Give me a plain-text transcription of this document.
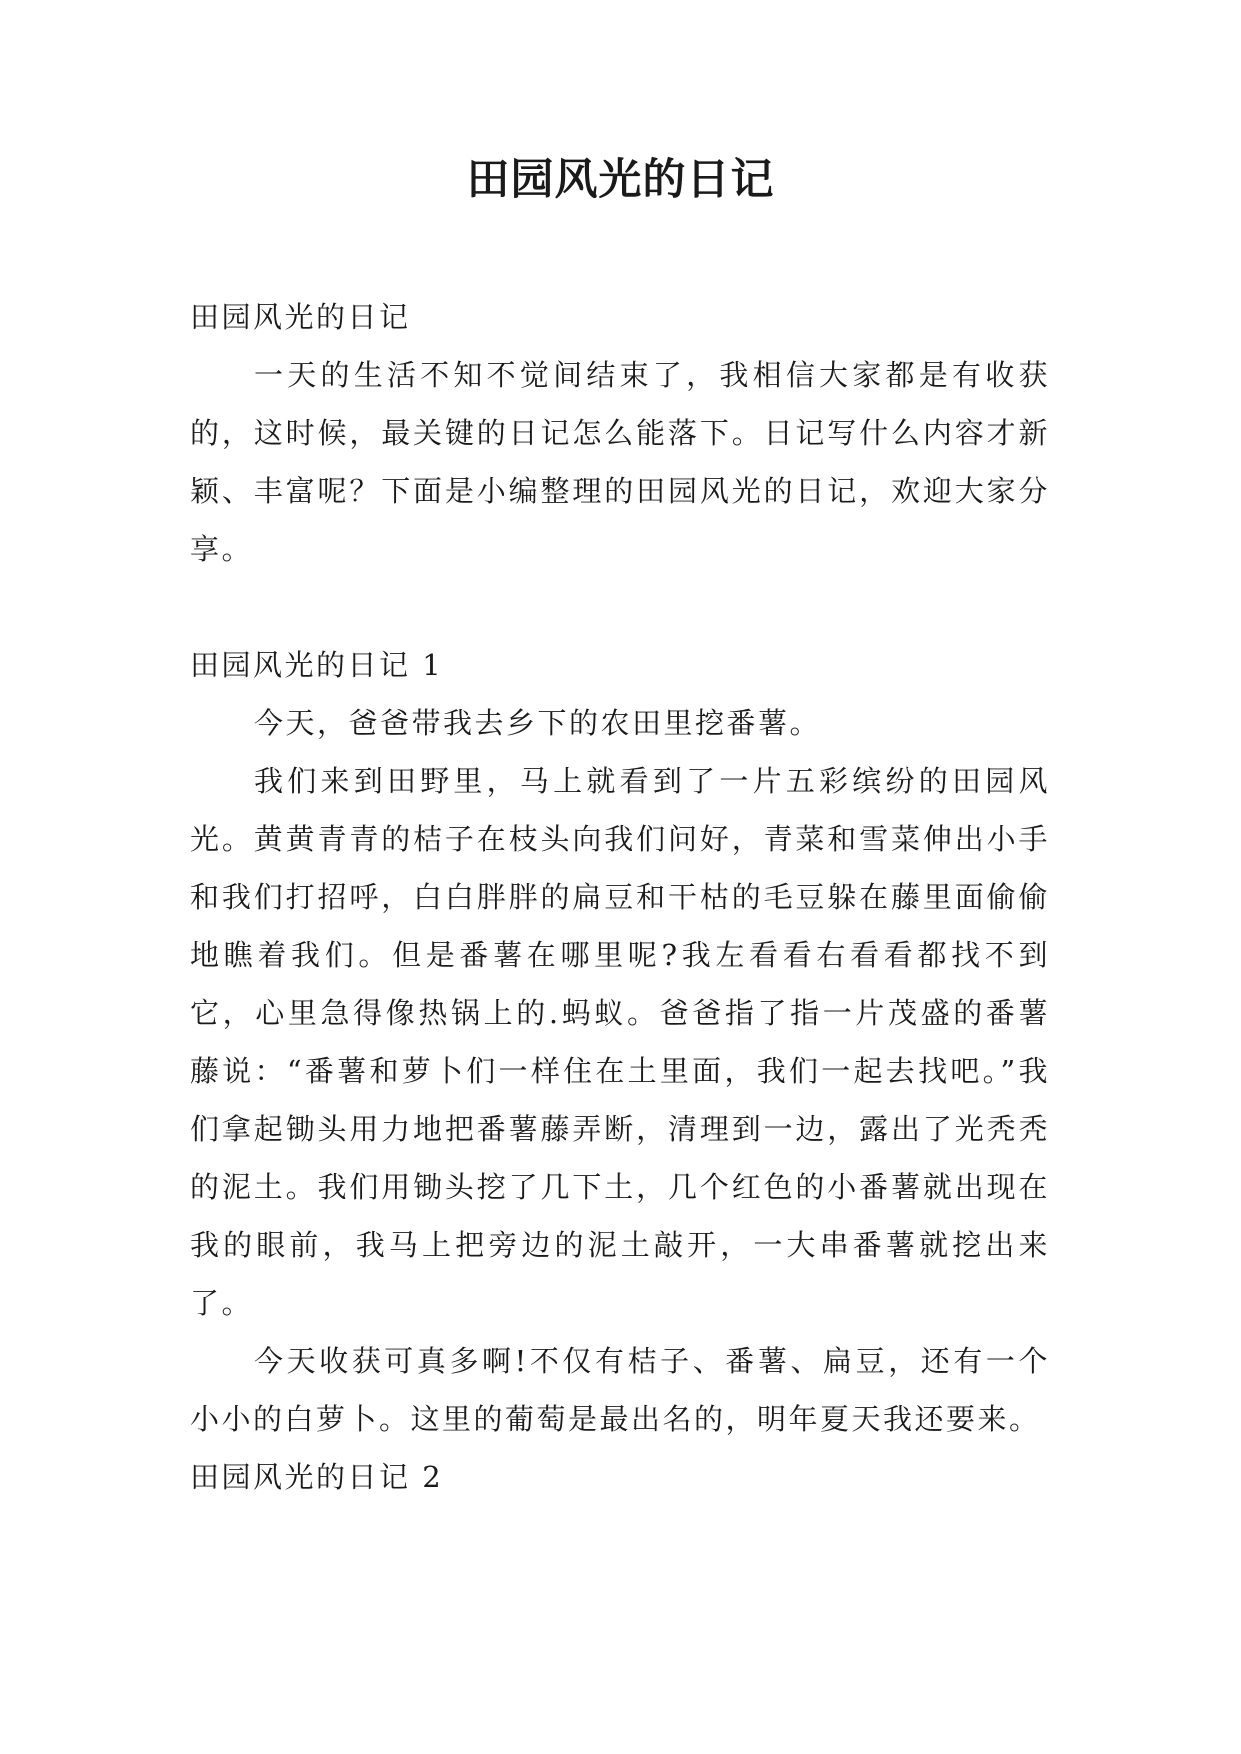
田园风光的日记

田园风光的日记

一天的生活不知不觉间结束了，我相信大家都是有收获的，这时候，最关键的日记怎么能落下。日记写什么内容才新颖、丰富呢？下面是小编整理的田园风光的日记，欢迎大家分享。

田园风光的日记 1

今天，爸爸带我去乡下的农田里挖番薯。

我们来到田野里，马上就看到了一片五彩缤纷的田园风光。黄黄青青的桔子在枝头向我们问好，青菜和雪菜伸出小手和我们打招呼，白白胖胖的扁豆和干枯的毛豆躲在藤里面偷偷地瞧着我们。但是番薯在哪里呢?我左看看右看看都找不到它，心里急得像热锅上的.蚂蚁。爸爸指了指一片茂盛的番薯藤说：“番薯和萝卜们一样住在土里面，我们一起去找吧。”我们拿起锄头用力地把番薯藤弄断，清理到一边，露出了光秃秃的泥土。我们用锄头挖了几下土，几个红色的小番薯就出现在我的眼前，我马上把旁边的泥土敲开，一大串番薯就挖出来了。

今天收获可真多啊!不仅有桔子、番薯、扁豆，还有一个小小的白萝卜。这里的葡萄是最出名的，明年夏天我还要来。

田园风光的日记 2
